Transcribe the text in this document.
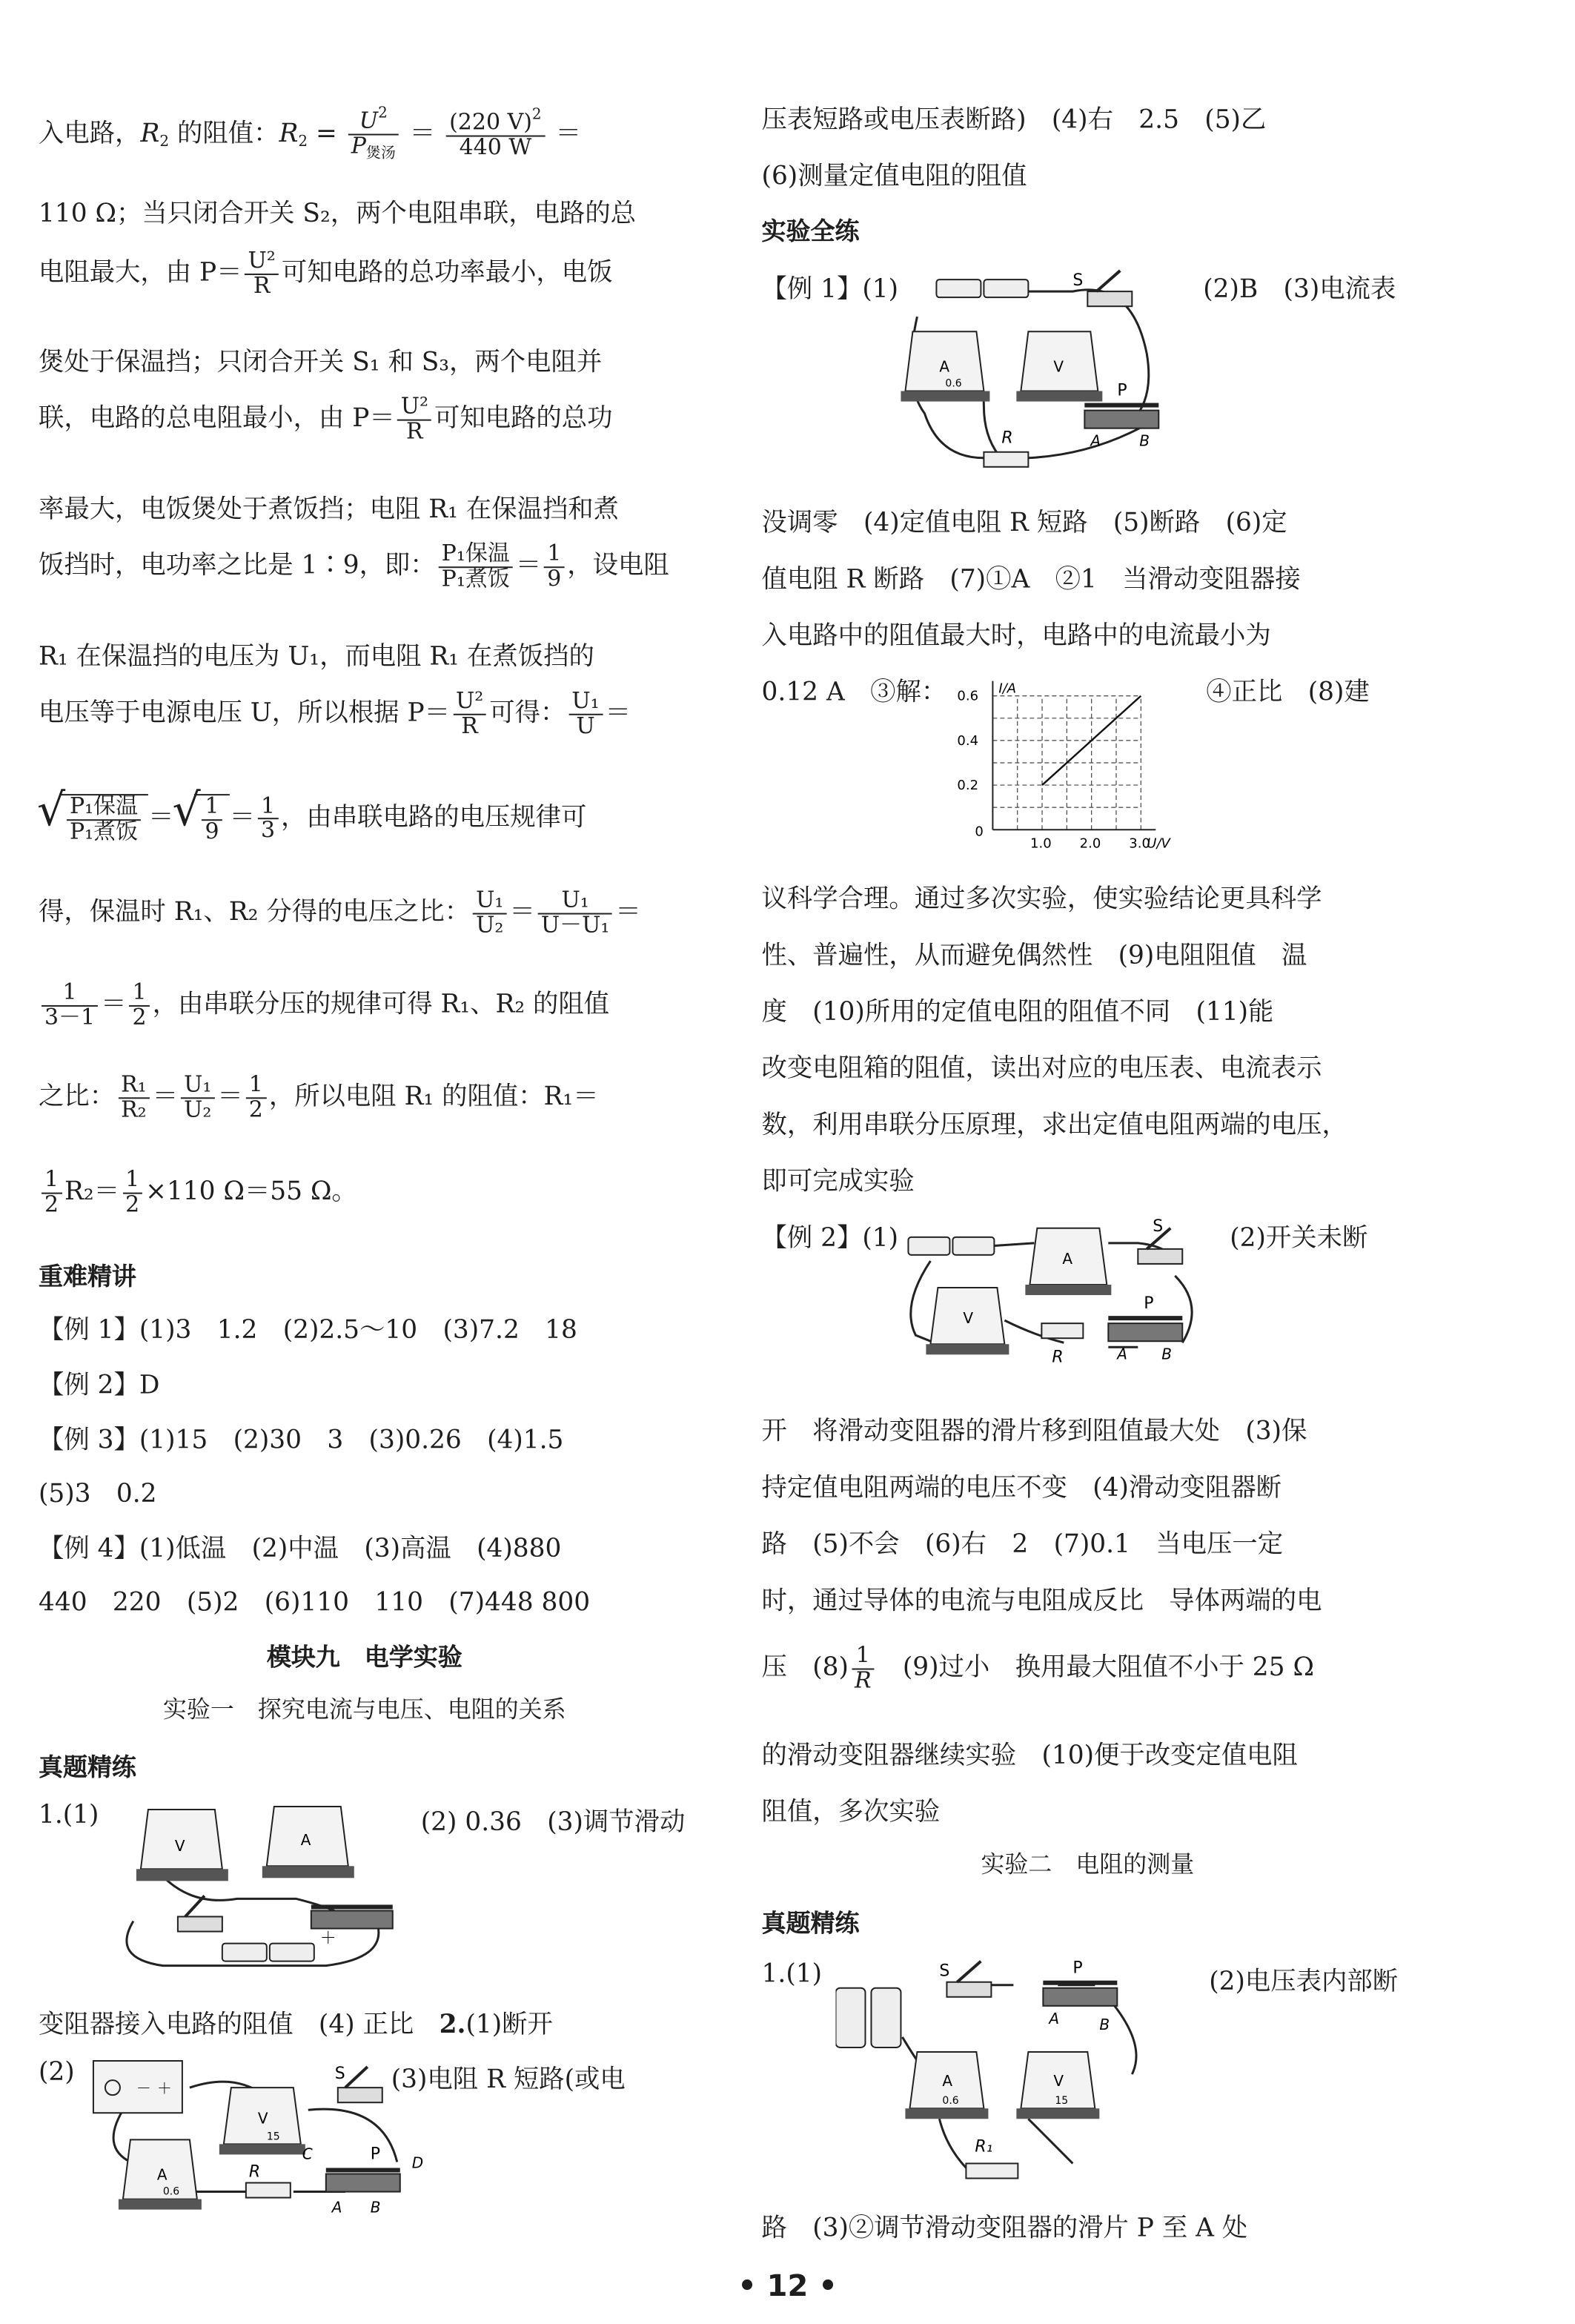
入电路，$R_2$ 的阻值：$R_2 = \frac{U^2}{P_{煲汤}} = \frac{(220 V)^2}{440 W}$ ＝
110 Ω；当只闭合开关 S₂，两个电阻串联，电路的总
电阻最大，由 $P= \frac{\text{U²}}{R}$ 可知电路的总功率最小，电饭
煲处于保温挡；只闭合开关 S₁ 和 S₃，两个电阻并
联，电路的总电阻最小，由 $P= \frac{\text{U²}}{R}$ 可知电路的总功
率最大，电饭煲处于煮饭挡；电阻 R₁ 在保温挡和煮
饭挡时，电功率之比是 1∶9，即： $\frac{\text{P₁保温}}{\text{P₁煮饭}} = \frac{1}{9}$ ，设电阻
R₁ 在保温挡的电压为 U₁，而电阻 R₁ 在煮饭挡的
电压等于电源电压 U，所以根据 $P= \frac{\text{U²}}{R}$ 可得： $\frac{\text{U₁}}{U}$ ＝
√ $\frac{\text{P₁保温}}{\text{P₁煮饭}}$ ＝
√	$\frac{1}{9} = \frac{1}{3}$ ，由串联电路的电压规律可
得，保温时 R₁、R₂ 分得的电压之比： $\frac{\text{U₁}}{\text{U₂}} = \frac{\text{U₁}}{\text{U－U₁}}$ ＝
$\frac{1}{3-1} = \frac{1}{2}$ ，由串联分压的规律可得 R₁、R₂ 的阻值
之比： $\frac{\text{R₁}}{\text{R₂}} = \frac{\text{U₁}}{\text{U₂}} = \frac{1}{2}$ ，所以电阻 R₁ 的阻值：R₁＝
$\frac{1}{2} R_2= \frac{1}{2} \times 110$ Ω＝55 Ω。
重难精讲
【例 1】(1)3　1.2　(2)2.5～10　(3)7.2　18
【例 2】D
【例 3】(1)15　(2)30　3　(3)0.26　(4)1.5
(5)3　0.2
【例 4】(1)低温　(2)中温　(3)高温　(4)880
440　220　(5)2　(6)110　110　(7)448 800
模块九　电学实验
实验一　探究电流与电压、电阻的关系
真题精练
1.(1)	(2) 0.36　(3)调节滑动
变阻器接入电路的阻值　(4) 正比　2.(1)断开
(2)	(3)电阻 R 短路(或电
V	A
＋
－ ＋
A
0.6
V
15
S
R
P
C
D
A	B
压表短路或电压表断路)　(4)右　2.5　(5)乙
(6)测量定值电阻的阻值
实验全练
【例 1】(1)	(2)B　(3)电流表
S
A
0.6
V
P
A	B
R
没调零　(4)定值电阻 R 短路　(5)断路　(6)定
值电阻 R 断路　(7)①A　②1　当滑动变阻器接
入电路中的阻值最大时，电路中的电流最小为
0.12 A　③解：	④正比　(8)建
1.0	2.0	3.0
0.2
0.4
0.6
0
U/V
I/A
议科学合理。通过多次实验，使实验结论更具科学
性、普遍性，从而避免偶然性　(9)电阻阻值　温
度　(10)所用的定值电阻的阻值不同　(11)能
改变电阻箱的阻值，读出对应的电压表、电流表示
数，利用串联分压原理，求出定值电阻两端的电压，
即可完成实验
【例 2】(1)	(2)开关未断
A
S
V
R
P
A	B
开　将滑动变阻器的滑片移到阻值最大处　(3)保
持定值电阻两端的电压不变　(4)滑动变阻器断
路　(5)不会　(6)右　2　(7)0.1　当电压一定
时，通过导体的电流与电阻成反比　导体两端的电
压　$(8) \frac{1}{R}$ 　(9)过小　换用最大阻值不小于 25 Ω
的滑动变阻器继续实验　(10)便于改变定值电阻
阻值，多次实验
实验二　电阻的测量
真题精练
1.(1)	(2)电压表内部断
S	P
A	B
A
0.6
V
15
R₁
路　(3)②调节滑动变阻器的滑片 P 至 A 处
• 12 •
